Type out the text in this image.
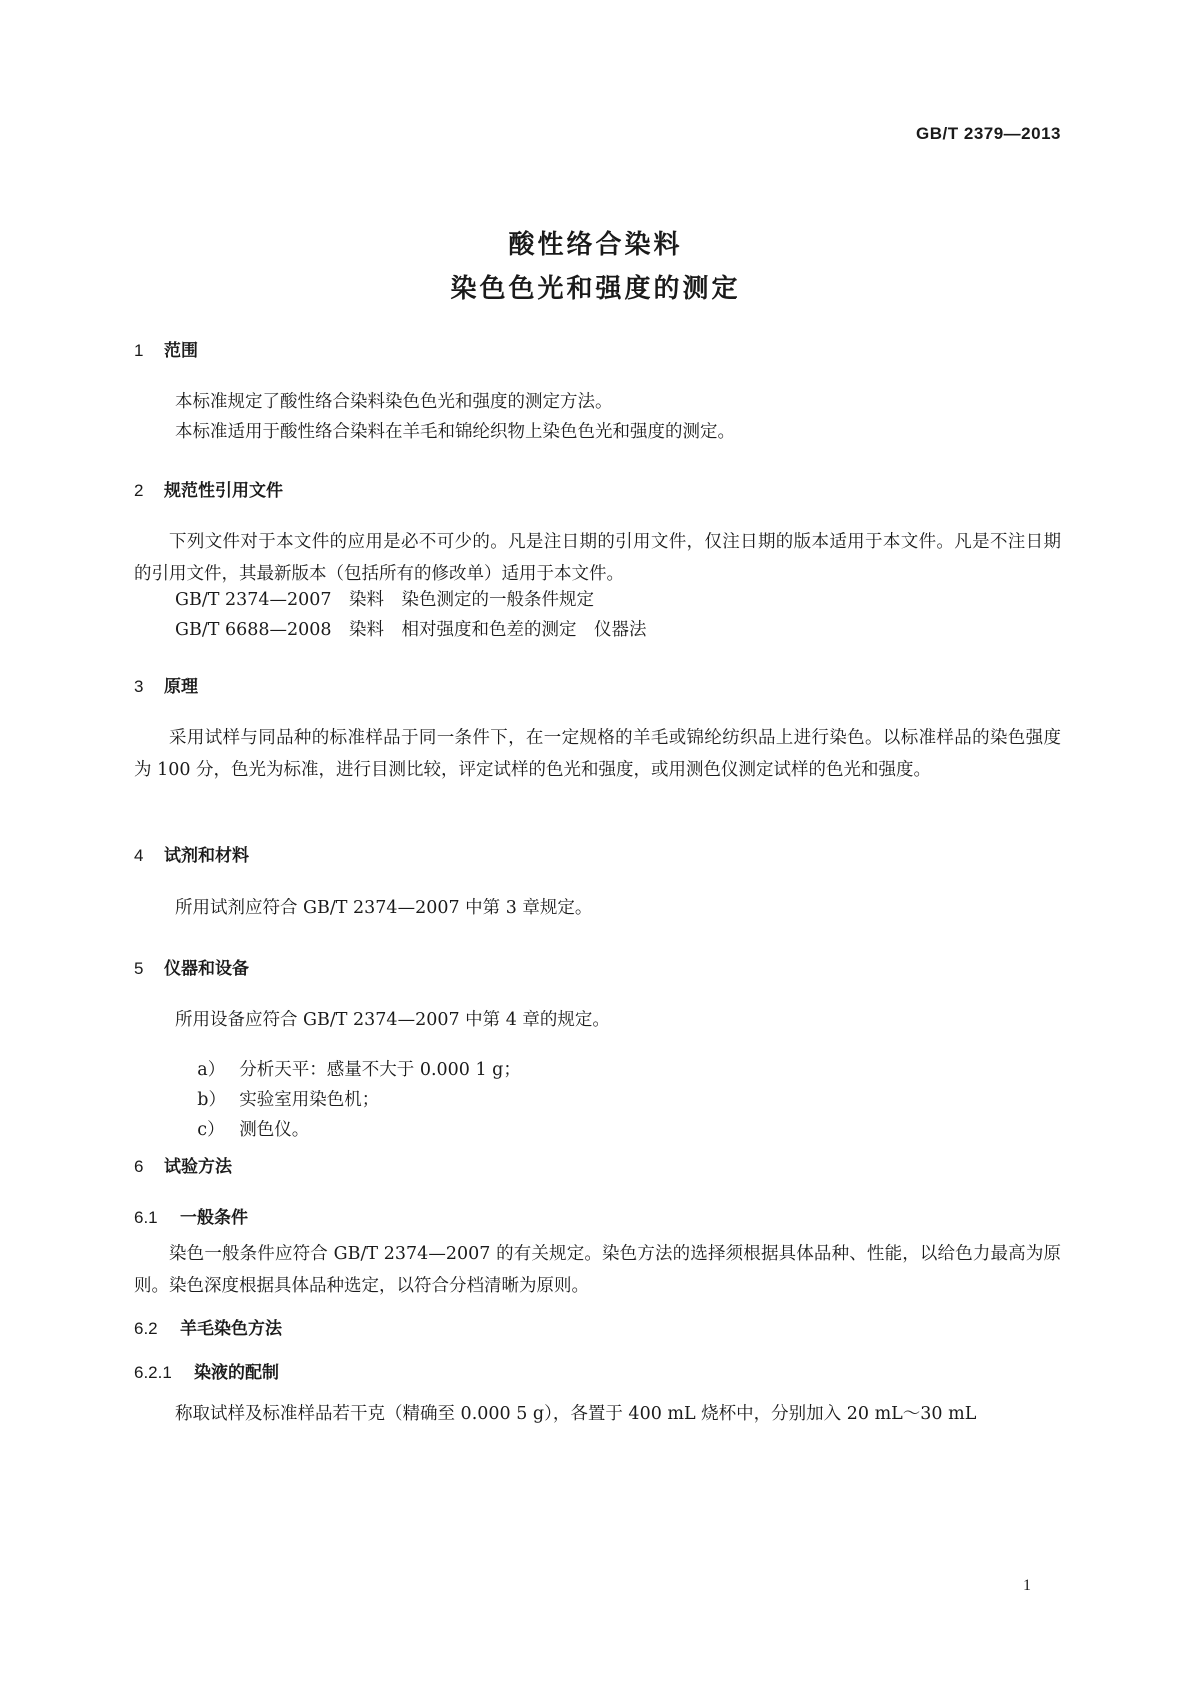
GB/T 2379—2013
酸性络合染料
染色色光和强度的测定
1 范围
本标准规定了酸性络合染料染色色光和强度的测定方法。
本标准适用于酸性络合染料在羊毛和锦纶织物上染色色光和强度的测定。
2 规范性引用文件
下列文件对于本文件的应用是必不可少的。凡是注日期的引用文件，仅注日期的版本适用于本文件。凡是不注日期的引用文件，其最新版本（包括所有的修改单）适用于本文件。
GB/T 2374—2007　染料　染色测定的一般条件规定
GB/T 6688—2008　染料　相对强度和色差的测定　仪器法
3 原理
采用试样与同品种的标准样品于同一条件下，在一定规格的羊毛或锦纶纺织品上进行染色。以标准样品的染色强度为 100 分，色光为标准，进行目测比较，评定试样的色光和强度，或用测色仪测定试样的色光和强度。
4 试剂和材料
所用试剂应符合 GB/T 2374—2007 中第 3 章规定。
5 仪器和设备
所用设备应符合 GB/T 2374—2007 中第 4 章的规定。

a） 分析天平：感量不大于 0.000 1 g；

b） 实验室用染色机；

c） 测色仪。

6 试验方法
6.1 一般条件
染色一般条件应符合 GB/T 2374—2007 的有关规定。染色方法的选择须根据具体品种、性能，以给色力最高为原则。染色深度根据具体品种选定，以符合分档清晰为原则。
6.2 羊毛染色方法
6.2.1 染液的配制
称取试样及标准样品若干克（精确至 0.000 5 g），各置于 400 mL 烧杯中，分别加入 20 mL～30 mL
1
